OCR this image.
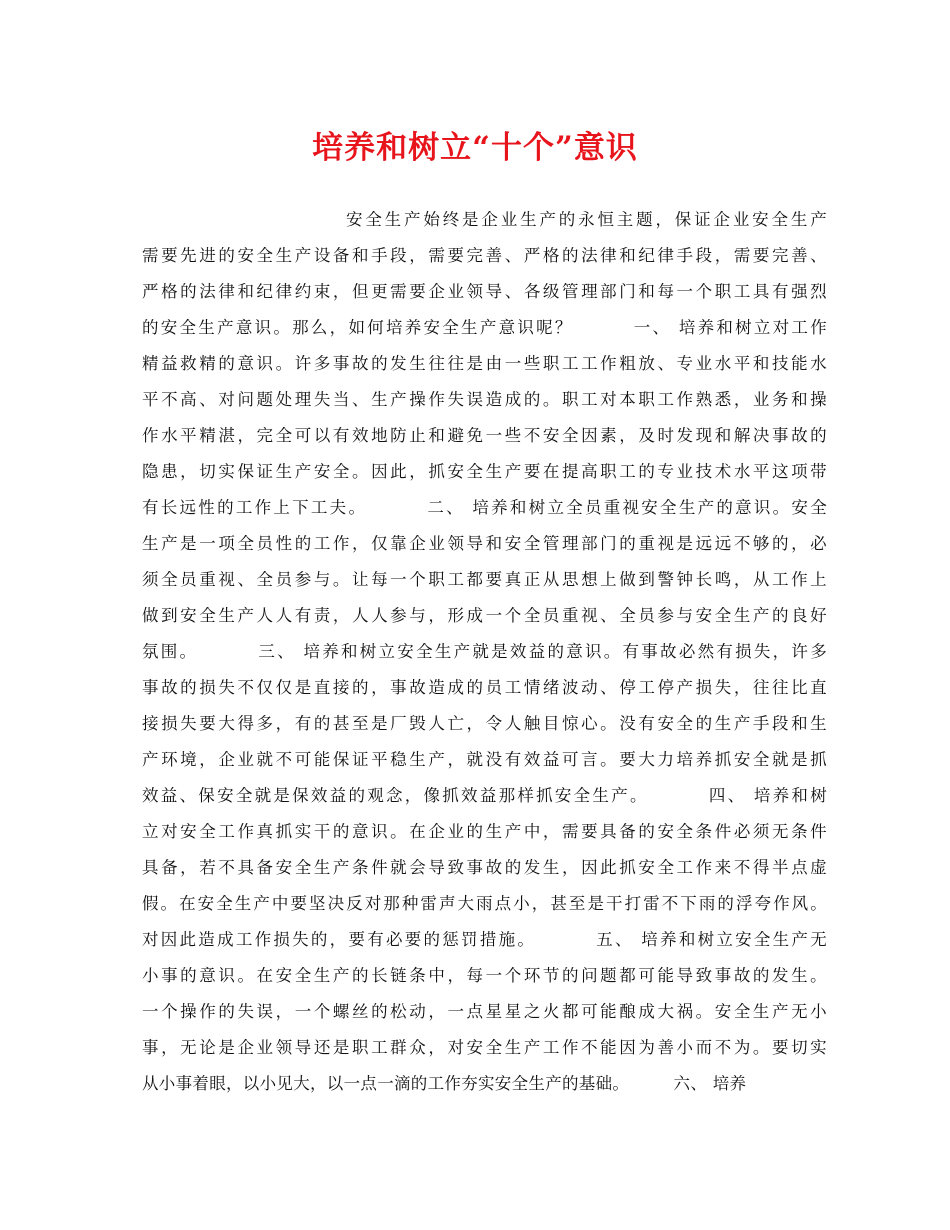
培养和树立“十个”意识
安全生产始终是企业生产的永恒主题，保证企业安全生产
需要先进的安全生产设备和手段，需要完善、严格的法律和纪律手段，需要完善、
严格的法律和纪律约束，但更需要企业领导、各级管理部门和每一个职工具有强烈
的安全生产意识。那么，如何培养安全生产意识呢？        一、 培养和树立对工作
精益救精的意识。许多事故的发生往往是由一些职工工作粗放、专业水平和技能水
平不高、对问题处理失当、生产操作失误造成的。职工对本职工作熟悉，业务和操
作水平精湛，完全可以有效地防止和避免一些不安全因素，及时发现和解决事故的
隐患，切实保证生产安全。因此，抓安全生产要在提高职工的专业技术水平这项带
有长远性的工作上下工夫。        二、 培养和树立全员重视安全生产的意识。安全
生产是一项全员性的工作，仅靠企业领导和安全管理部门的重视是远远不够的，必
须全员重视、全员参与。让每一个职工都要真正从思想上做到警钟长鸣，从工作上
做到安全生产人人有责，人人参与，形成一个全员重视、全员参与安全生产的良好
氛围。        三、 培养和树立安全生产就是效益的意识。有事故必然有损失，许多
事故的损失不仅仅是直接的，事故造成的员工情绪波动、停工停产损失，往往比直
接损失要大得多，有的甚至是厂毁人亡，令人触目惊心。没有安全的生产手段和生
产环境，企业就不可能保证平稳生产，就没有效益可言。要大力培养抓安全就是抓
效益、保安全就是保效益的观念，像抓效益那样抓安全生产。        四、 培养和树
立对安全工作真抓实干的意识。在企业的生产中，需要具备的安全条件必须无条件
具备，若不具备安全生产条件就会导致事故的发生，因此抓安全工作来不得半点虚
假。在安全生产中要坚决反对那种雷声大雨点小，甚至是干打雷不下雨的浮夸作风。
对因此造成工作损失的，要有必要的惩罚措施。        五、 培养和树立安全生产无
小事的意识。在安全生产的长链条中，每一个环节的问题都可能导致事故的发生。
一个操作的失误，一个螺丝的松动，一点星星之火都可能酿成大祸。安全生产无小
事，无论是企业领导还是职工群众，对安全生产工作不能因为善小而不为。要切实
从小事着眼，以小见大，以一点一滴的工作夯实安全生产的基础。        六、 培养
